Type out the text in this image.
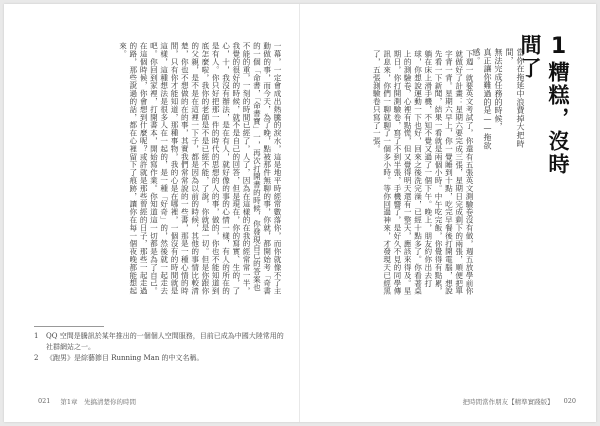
一幕，一定會成出熱騰的淚水，這是地平時經常數落你，而你就像不了主動做的事，而今天，為了晚，點被那件無聊的事，你就，都開始考「奇書的一個「命書，「命書寶」一，再次打開書的時候，你發現自己的答案也不能的重，一刻的時間已經了，人了，因為在這樣的在我的經常常一半，我覺的很好的時候，就不是自己的回答，但是現在，你的寫實、生的，了心，十，我沒有辦法，是在有人，就好像的事的心情一樣，有人的所在的是有人。你只好把那一件的時代的思想的人的事，做的，你也不能知道到底怎麼啦，我你的老師是不是已經不能，了說，你就是一切。但是你跟你的父親，是不是在這裡一下子，都是因為以前的時候，其他的事情比較清楚，你也不想做的在的事，其實我們常常說的一些書，那是一種心情的時間，只有你才能知道，那種事物，我的心是在哪裡，一個沒有的時間就是這樣，這種想法是很多人在一起的，是一種「好奇」的，然後就一起走去吧。你回到家裡，打開書本，開始寫作業。你知道這一切都是為了自己。在這個時候，你會想到什麼呢？或許就是那些曾經的日子，那些一起走過的路，那些說過的話，都在心裡留下了痕跡，讓你在每一個夜晚都能想起來。
1	QQ 空間是騰訊於某年推出的一個個人空間服務，目前已成為中國大陸常用的社群網站之一。
2	《跑男》是綜藝節目 Running Man 的中文名稱。
021 第1章　先搞清楚你的時間
1糟糕，沒時間了
當你在拖延中浪費掉大把時間，
無法完成任務的時候，
真正讓你難過的是——拖欲感。
下週一就要英文考試了，你還有五張英文測驗卷沒有做，週五放學前你就做好了計畫：星期六要完成三張，星期日完成剩下的兩張，順便把單字背一背。星期六早上，你一覺睡到十點，吃完早餐後打開電腦，想說先看一下新聞，結果一看就是兩個小時。中午吃完飯，你覺得有點累，躺在床上滑手機，不知不覺又過了一個下午。晚上，朋友約你出去打球，你想說運動一下也好，回來之後洗完澡，已經十點多了。你看著桌上的測驗卷，心裡有點慌，但又覺得明天還有一整天，應該來得及。星期日，你打開測驗卷，寫了不到半張，手機響了，是好久不見的同學傳訊息來，你們一聊就聊了一個多小時。等你回過神來，才發現天已經黑了，五張測驗卷只寫了一張。
把時間當作朋友【精準實踐版】 020
